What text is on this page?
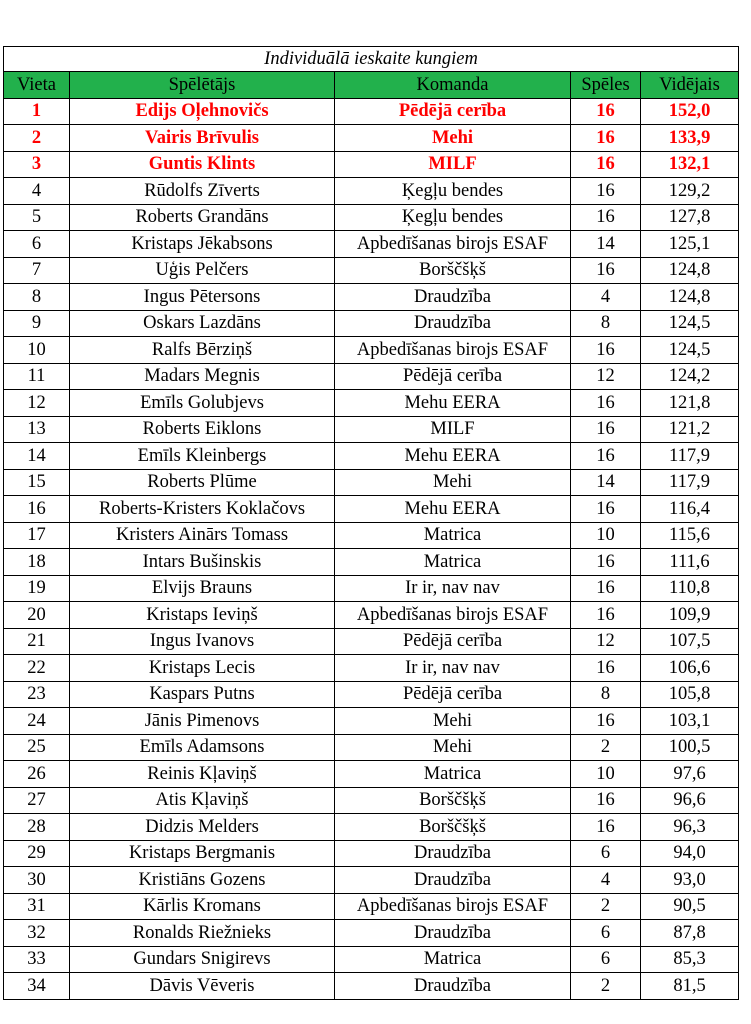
Individuālā ieskaite kungiem				
Vieta	Spēlētājs	Komanda	Spēles	Vidējais
1	Edijs Oļehnovičs	Pēdējā cerība	16	152,0
2	Vairis Brīvulis	Mehi	16	133,9
3	Guntis Klints	MILF	16	132,1
4	Rūdolfs Zīverts	Ķegļu bendes	16	129,2
5	Roberts Grandāns	Ķegļu bendes	16	127,8
6	Kristaps Jēkabsons	Apbedīšanas birojs ESAF	14	125,1
7	Uģis Pelčers	Borščšķš	16	124,8
8	Ingus Pētersons	Draudzība	4	124,8
9	Oskars Lazdāns	Draudzība	8	124,5
10	Ralfs Bērziņš	Apbedīšanas birojs ESAF	16	124,5
11	Madars Megnis	Pēdējā cerība	12	124,2
12	Emīls Golubjevs	Mehu EERA	16	121,8
13	Roberts Eiklons	MILF	16	121,2
14	Emīls Kleinbergs	Mehu EERA	16	117,9
15	Roberts Plūme	Mehi	14	117,9
16	Roberts-Kristers Koklačovs	Mehu EERA	16	116,4
17	Kristers Ainārs Tomass	Matrica	10	115,6
18	Intars Bušinskis	Matrica	16	111,6
19	Elvijs Brauns	Ir ir, nav nav	16	110,8
20	Kristaps Ieviņš	Apbedīšanas birojs ESAF	16	109,9
21	Ingus Ivanovs	Pēdējā cerība	12	107,5
22	Kristaps Lecis	Ir ir, nav nav	16	106,6
23	Kaspars Putns	Pēdējā cerība	8	105,8
24	Jānis Pimenovs	Mehi	16	103,1
25	Emīls Adamsons	Mehi	2	100,5
26	Reinis Kļaviņš	Matrica	10	97,6
27	Atis Kļaviņš	Borščšķš	16	96,6
28	Didzis Melders	Borščšķš	16	96,3
29	Kristaps Bergmanis	Draudzība	6	94,0
30	Kristiāns Gozens	Draudzība	4	93,0
31	Kārlis Kromans	Apbedīšanas birojs ESAF	2	90,5
32	Ronalds Riežnieks	Draudzība	6	87,8
33	Gundars Snigirevs	Matrica	6	85,3
34	Dāvis Vēveris	Draudzība	2	81,5
